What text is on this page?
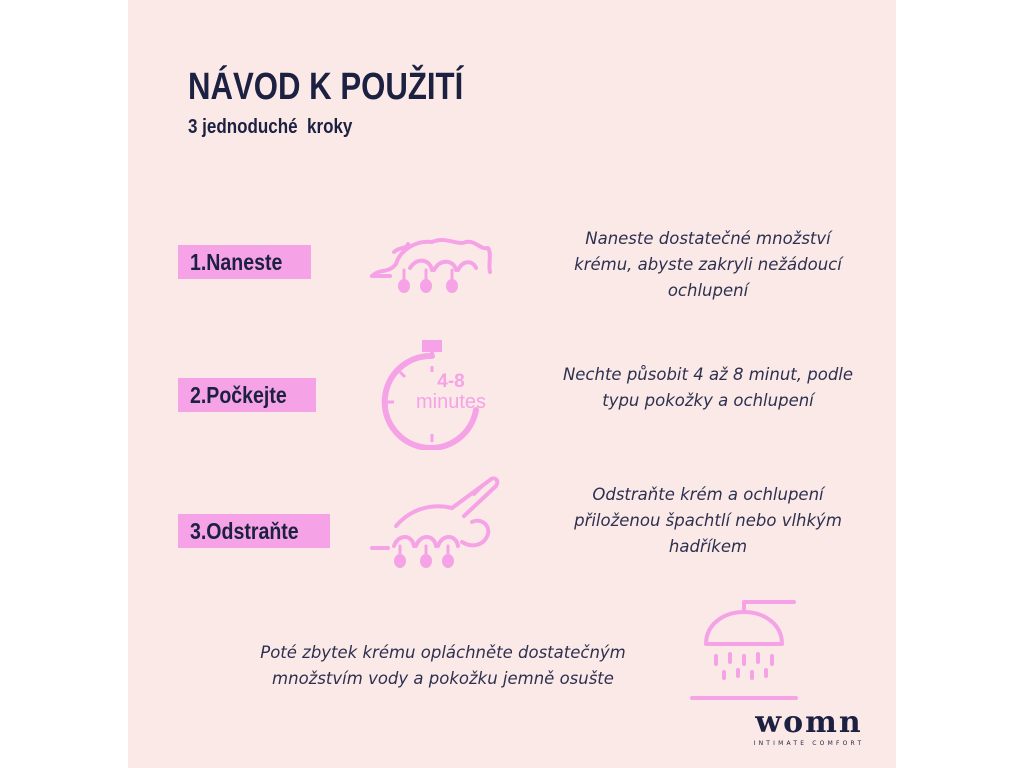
NÁVOD K POUŽITÍ
3 jednoduché  kroky
1.Naneste
Naneste dostatečné množství
krému, abyste zakryli nežádoucí
ochlupení
2.Počkejte
4-8
minutes
Nechte působit 4 až 8 minut, podle
typu pokožky a ochlupení
3.Odstraňte
Odstraňte krém a ochlupení
přiloženou špachtlí nebo vlhkým
hadříkem
Poté zbytek krému opláchněte dostatečným
množstvím vody a pokožku jemně osušte
womn
INTIMATE COMFORT
